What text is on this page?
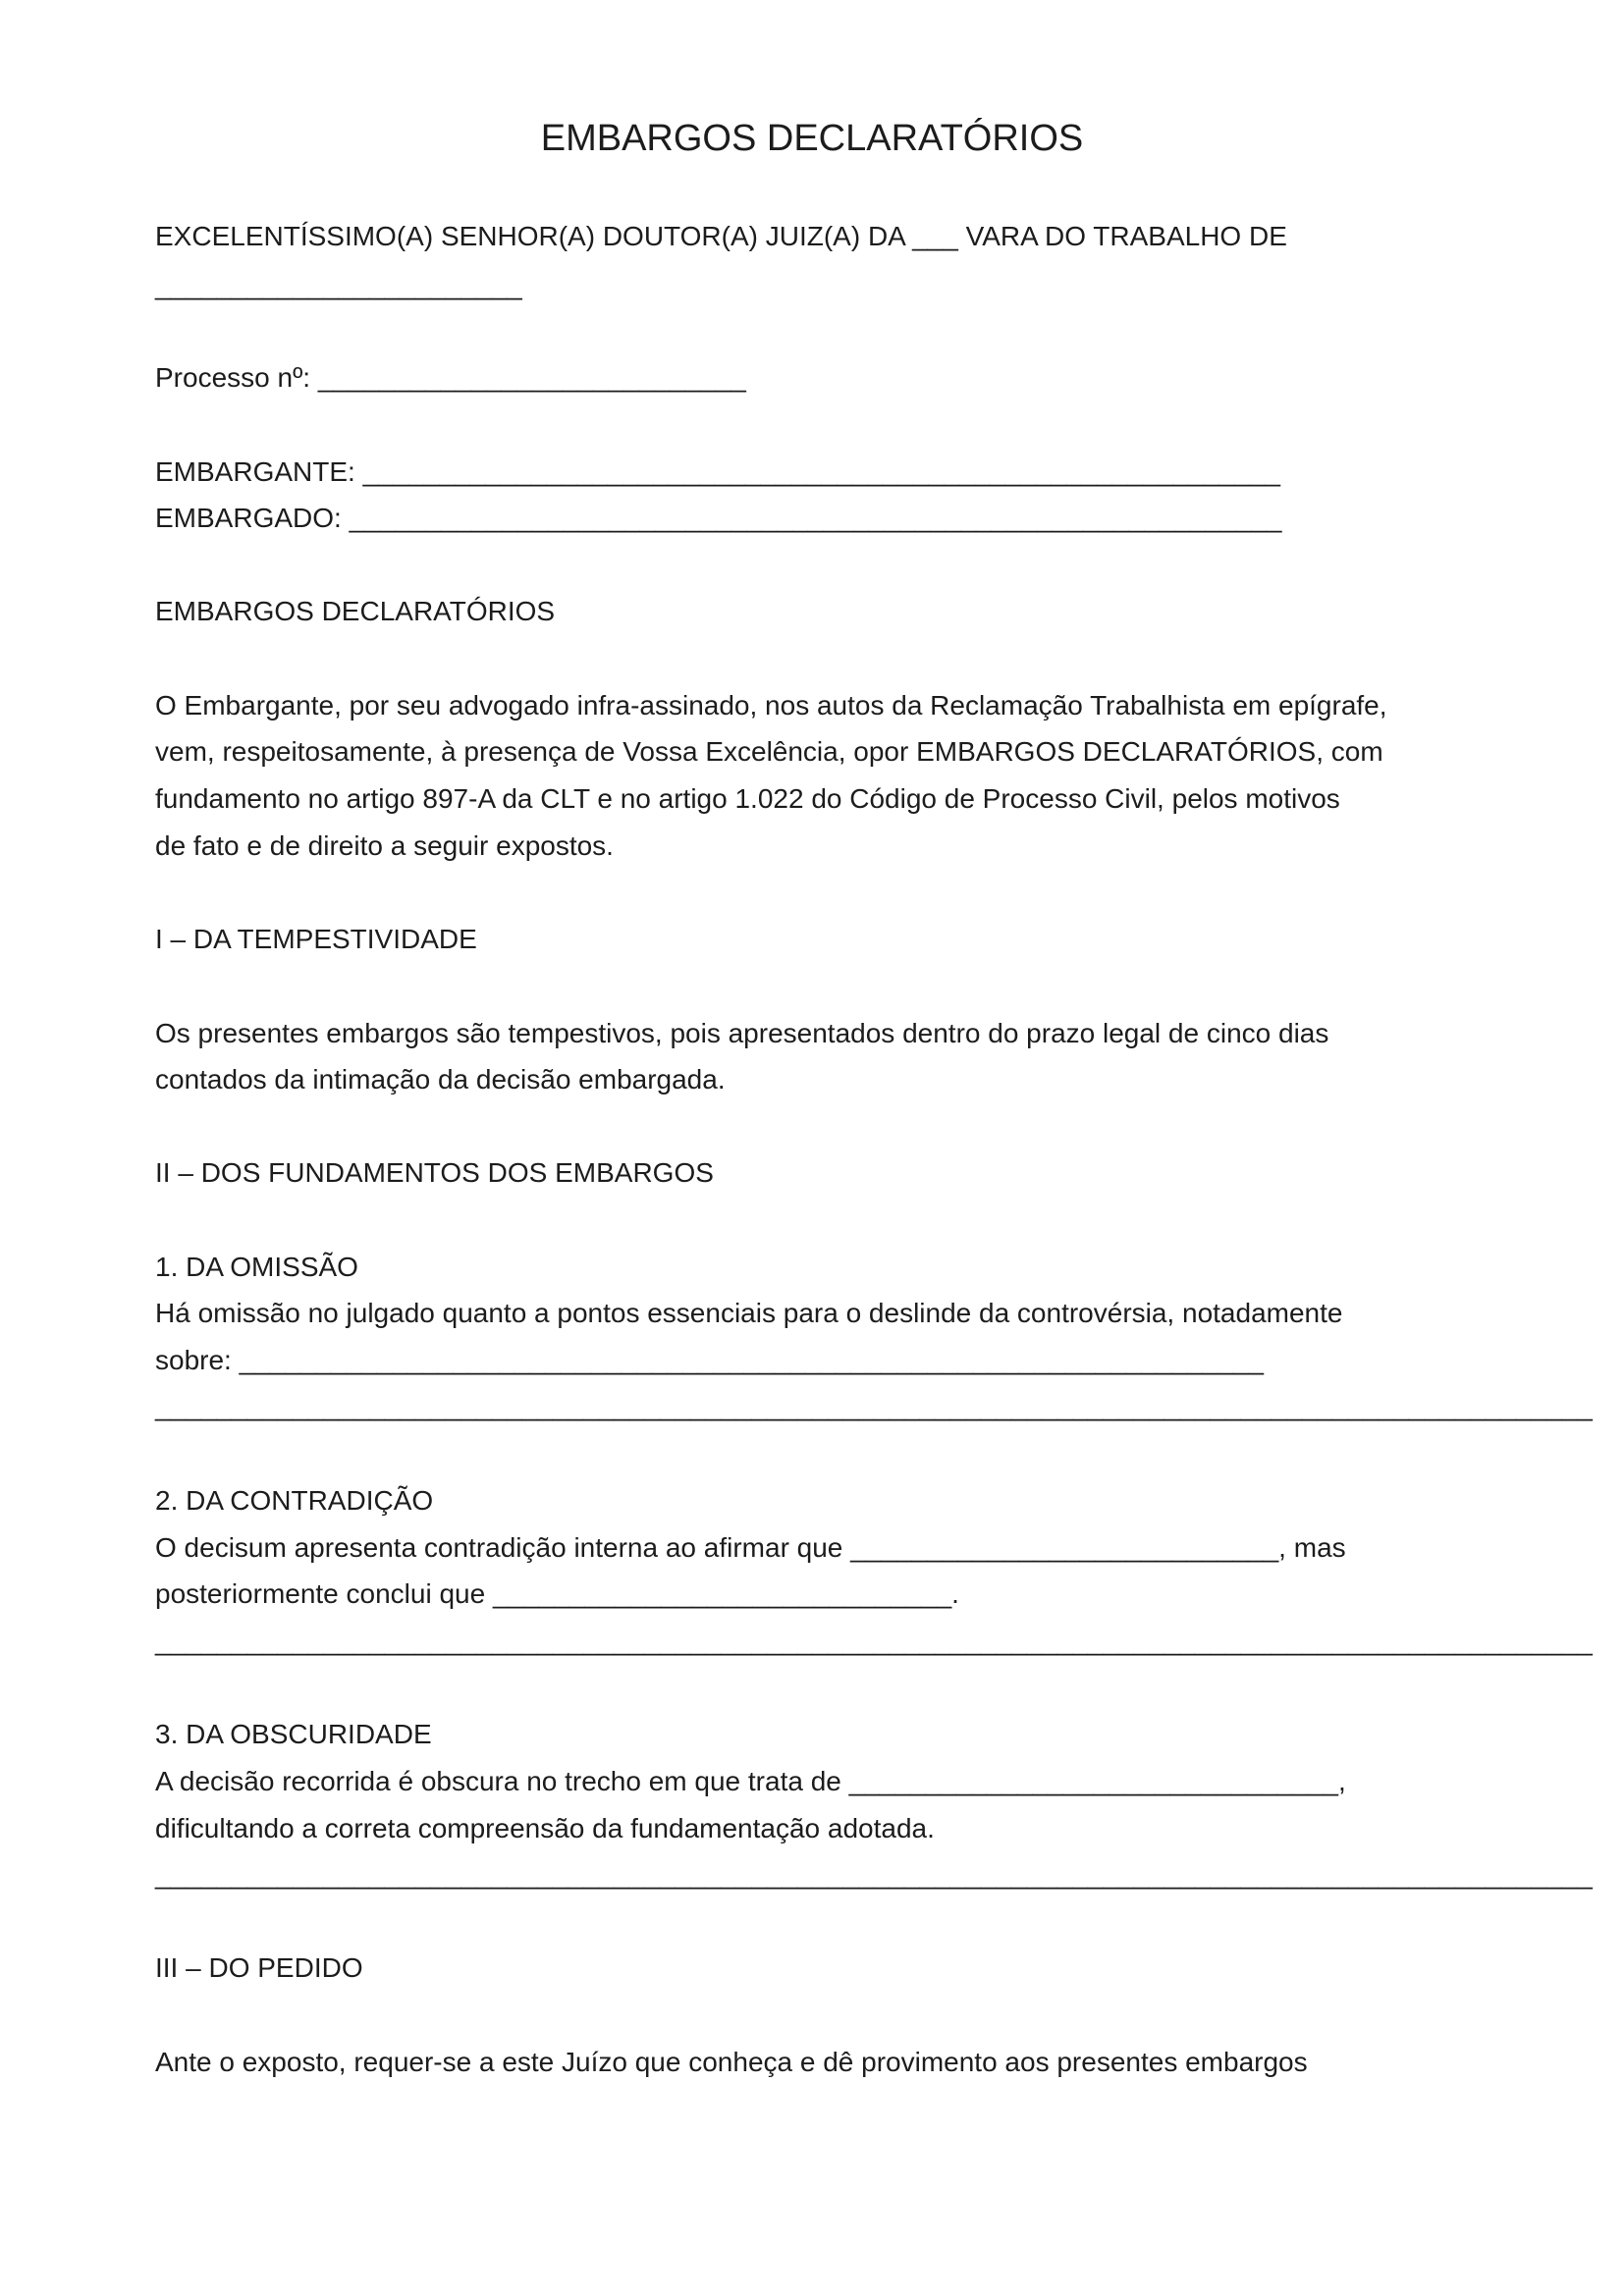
EMBARGOS DECLARATÓRIOS

EXCELENTÍSSIMO(A) SENHOR(A) DOUTOR(A) JUIZ(A) DA ___ VARA DO TRABALHO DE

________________________

Processo nº: ____________________________

EMBARGANTE: ____________________________________________________________

EMBARGADO: _____________________________________________________________

EMBARGOS DECLARATÓRIOS

O Embargante, por seu advogado infra-assinado, nos autos da Reclamação Trabalhista em epígrafe,

vem, respeitosamente, à presença de Vossa Excelência, opor EMBARGOS DECLARATÓRIOS, com

fundamento no artigo 897-A da CLT e no artigo 1.022 do Código de Processo Civil, pelos motivos

de fato e de direito a seguir expostos.

I – DA TEMPESTIVIDADE

Os presentes embargos são tempestivos, pois apresentados dentro do prazo legal de cinco dias

contados da intimação da decisão embargada.

II – DOS FUNDAMENTOS DOS EMBARGOS

1. DA OMISSÃO

Há omissão no julgado quanto a pontos essenciais para o deslinde da controvérsia, notadamente

sobre: ___________________________________________________________________

______________________________________________________________________________________________

2. DA CONTRADIÇÃO

O decisum apresenta contradição interna ao afirmar que ____________________________, mas

posteriormente conclui que ______________________________.

______________________________________________________________________________________________

3. DA OBSCURIDADE

A decisão recorrida é obscura no trecho em que trata de ________________________________,

dificultando a correta compreensão da fundamentação adotada.

______________________________________________________________________________________________

III – DO PEDIDO

Ante o exposto, requer-se a este Juízo que conheça e dê provimento aos presentes embargos
